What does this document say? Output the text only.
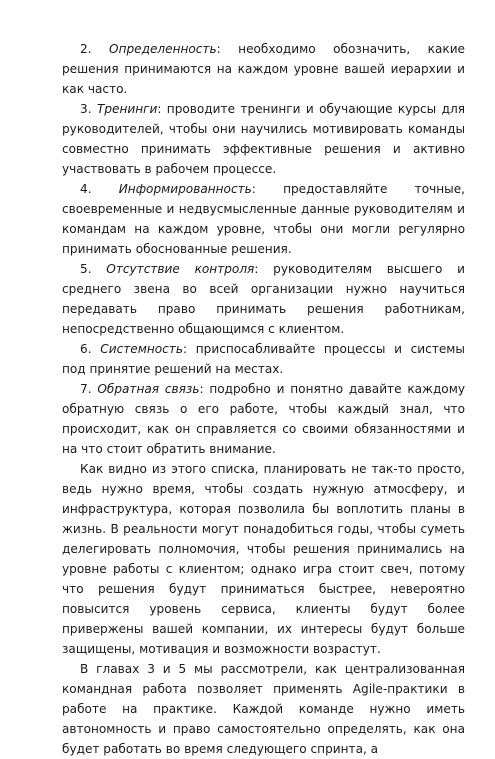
2. Определенность: необходимо обозначить, какие решения принимаются на каждом уровне вашей иерархии и как часто.

3. Тренинги: проводите тренинги и обучающие курсы для руководителей, чтобы они научились мотивировать команды совместно принимать эффективные решения и активно участвовать в рабочем процессе.

4. Информированность: предоставляйте точные, своевременные и недвусмысленные данные руководителям и командам на каждом уровне, чтобы они могли регулярно принимать обоснованные решения.

5. Отсутствие контроля: руководителям высшего и среднего звена во всей организации нужно научиться передавать право принимать решения работникам, непосредственно общающимся с клиентом.

6. Системность: приспосабливайте процессы и системы под принятие решений на местах.

7. Обратная связь: подробно и понятно давайте каждому обратную связь о его работе, чтобы каждый знал, что происходит, как он справляется со своими обязанностями и на что стоит обратить внимание.

Как видно из этого списка, планировать не так-то просто, ведь нужно время, чтобы создать нужную атмосферу, и инфраструктура, которая позволила бы воплотить планы в жизнь. В реальности могут понадобиться годы, чтобы суметь делегировать полномочия, чтобы решения принимались на уровне работы с клиентом; однако игра стоит свеч, потому что решения будут приниматься быстрее, невероятно повысится уровень сервиса, клиенты будут более привержены вашей компании, их интересы будут больше защищены, мотивация и возможности возрастут.

В главах 3 и 5 мы рассмотрели, как централизованная командная работа позволяет применять Agile-практики в работе на практике. Каждой команде нужно иметь автономность и право самостоятельно определять, как она будет работать во время следующего спринта, а
